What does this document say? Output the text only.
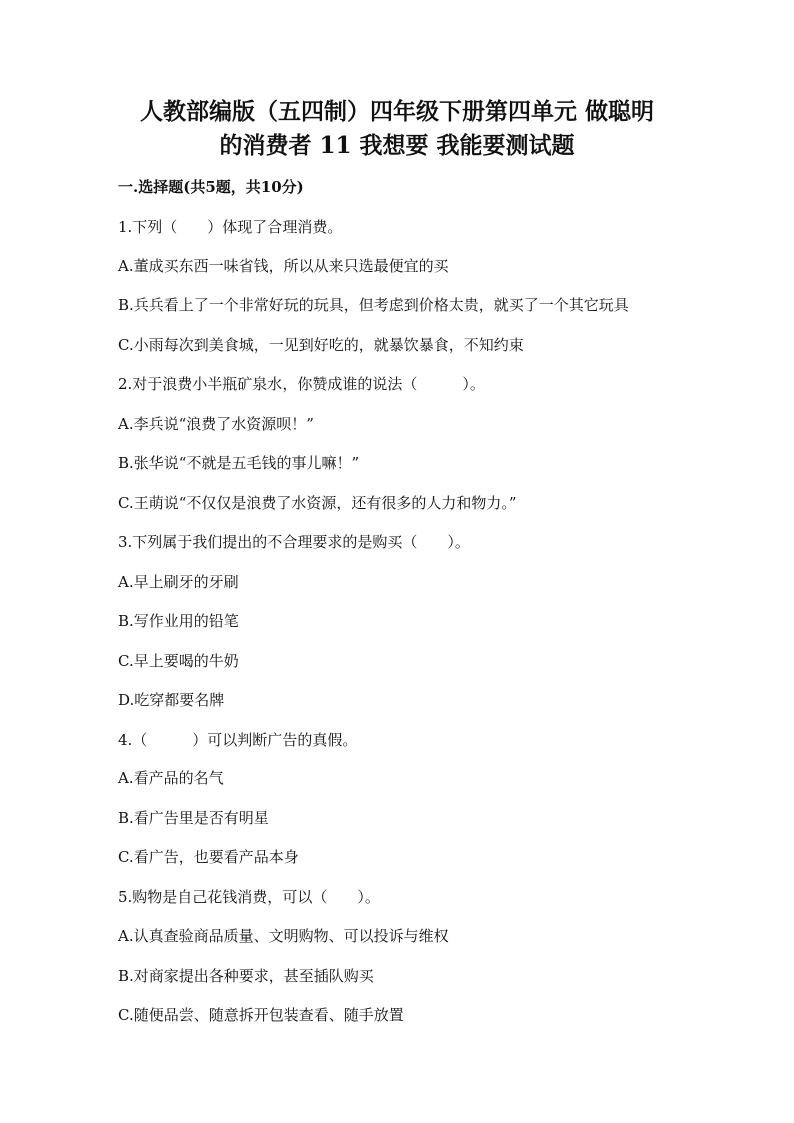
人教部编版（五四制）四年级下册第四单元 做聪明
的消费者 11 我想要 我能要测试题
一.选择题(共5题，共10分)
1.下列（　　）体现了合理消费。
A.董成买东西一味省钱，所以从来只选最便宜的买
B.兵兵看上了一个非常好玩的玩具，但考虑到价格太贵，就买了一个其它玩具
C.小雨每次到美食城，一见到好吃的，就暴饮暴食，不知约束
2.对于浪费小半瓶矿泉水，你赞成谁的说法（　　　）。
A.李兵说“浪费了水资源呗！”
B.张华说“不就是五毛钱的事儿嘛！”
C.王萌说“不仅仅是浪费了水资源，还有很多的人力和物力。”
3.下列属于我们提出的不合理要求的是购买（　　）。
A.早上刷牙的牙刷
B.写作业用的铅笔
C.早上要喝的牛奶
D.吃穿都要名牌
4.（　　　）可以判断广告的真假。
A.看产品的名气
B.看广告里是否有明星
C.看广告，也要看产品本身
5.购物是自己花钱消费，可以（　　）。
A.认真查验商品质量、文明购物、可以投诉与维权
B.对商家提出各种要求，甚至插队购买
C.随便品尝、随意拆开包装查看、随手放置
